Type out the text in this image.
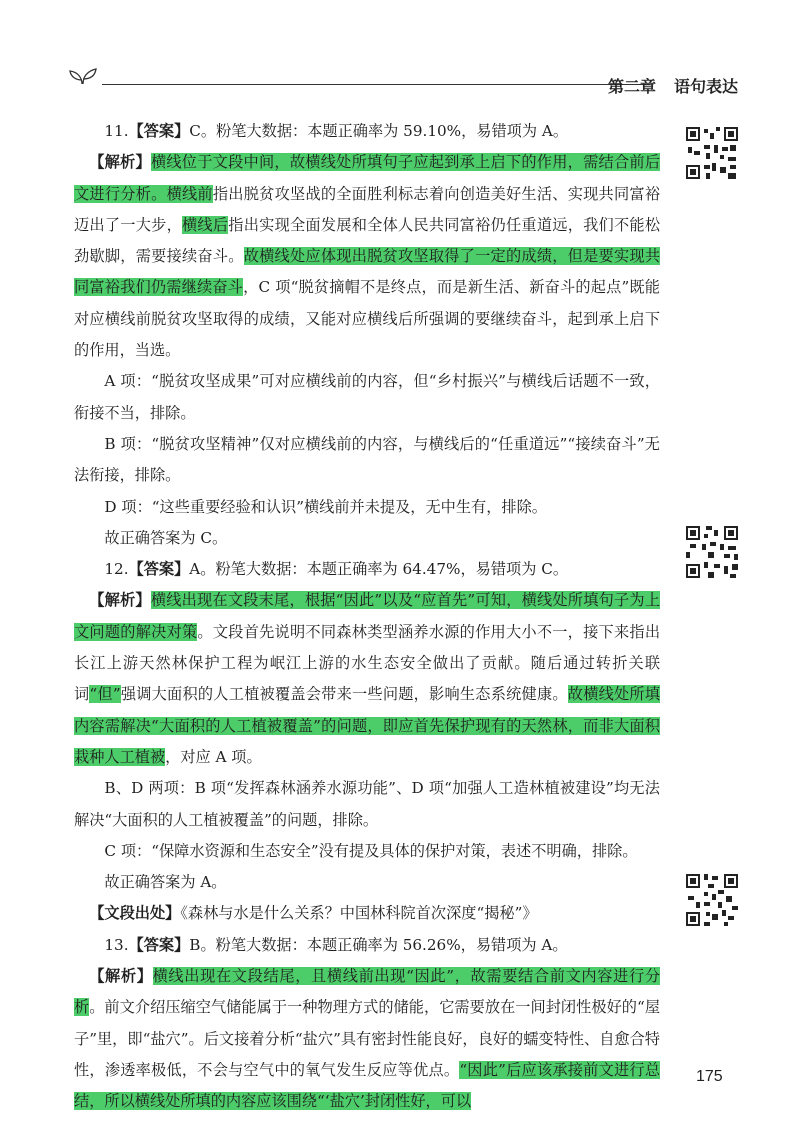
第二章 语句表达

11.【答案】C。粉笔大数据：本题正确率为 59.10%，易错项为 A。

【解析】横线位于文段中间，故横线处所填句子应起到承上启下的作用，需结合前后文进行分析。横线前指出脱贫攻坚战的全面胜利标志着向创造美好生活、实现共同富裕迈出了一大步，横线后指出实现全面发展和全体人民共同富裕仍任重道远，我们不能松劲歇脚，需要接续奋斗。故横线处应体现出脱贫攻坚取得了一定的成绩，但是要实现共同富裕我们仍需继续奋斗，C 项“脱贫摘帽不是终点，而是新生活、新奋斗的起点”既能对应横线前脱贫攻坚取得的成绩，又能对应横线后所强调的要继续奋斗，起到承上启下的作用，当选。

A 项：“脱贫攻坚成果”可对应横线前的内容，但“乡村振兴”与横线后话题不一致，衔接不当，排除。

B 项：“脱贫攻坚精神”仅对应横线前的内容，与横线后的“任重道远”“接续奋斗”无法衔接，排除。

D 项：“这些重要经验和认识”横线前并未提及，无中生有，排除。

故正确答案为 C。

12.【答案】A。粉笔大数据：本题正确率为 64.47%，易错项为 C。

【解析】横线出现在文段末尾，根据“因此”以及“应首先”可知，横线处所填句子为上文问题的解决对策。文段首先说明不同森林类型涵养水源的作用大小不一，接下来指出长江上游天然林保护工程为岷江上游的水生态安全做出了贡献。随后通过转折关联词“但”强调大面积的人工植被覆盖会带来一些问题，影响生态系统健康。故横线处所填内容需解决“大面积的人工植被覆盖”的问题，即应首先保护现有的天然林，而非大面积栽种人工植被，对应 A 项。

B、D 两项：B 项“发挥森林涵养水源功能”、D 项“加强人工造林植被建设”均无法解决“大面积的人工植被覆盖”的问题，排除。

C 项：“保障水资源和生态安全”没有提及具体的保护对策，表述不明确，排除。

故正确答案为 A。

【文段出处】《森林与水是什么关系？中国林科院首次深度“揭秘”》

13.【答案】B。粉笔大数据：本题正确率为 56.26%，易错项为 A。

【解析】横线出现在文段结尾，且横线前出现“因此”，故需要结合前文内容进行分析。前文介绍压缩空气储能属于一种物理方式的储能，它需要放在一间封闭性极好的“屋子”里，即“盐穴”。后文接着分析“盐穴”具有密封性能良好，良好的蠕变特性、自愈合特性，渗透率极低，不会与空气中的氧气发生反应等优点。“因此”后应该承接前文进行总结，所以横线处所填的内容应该围绕“‘盐穴’封闭性好，可以

175
